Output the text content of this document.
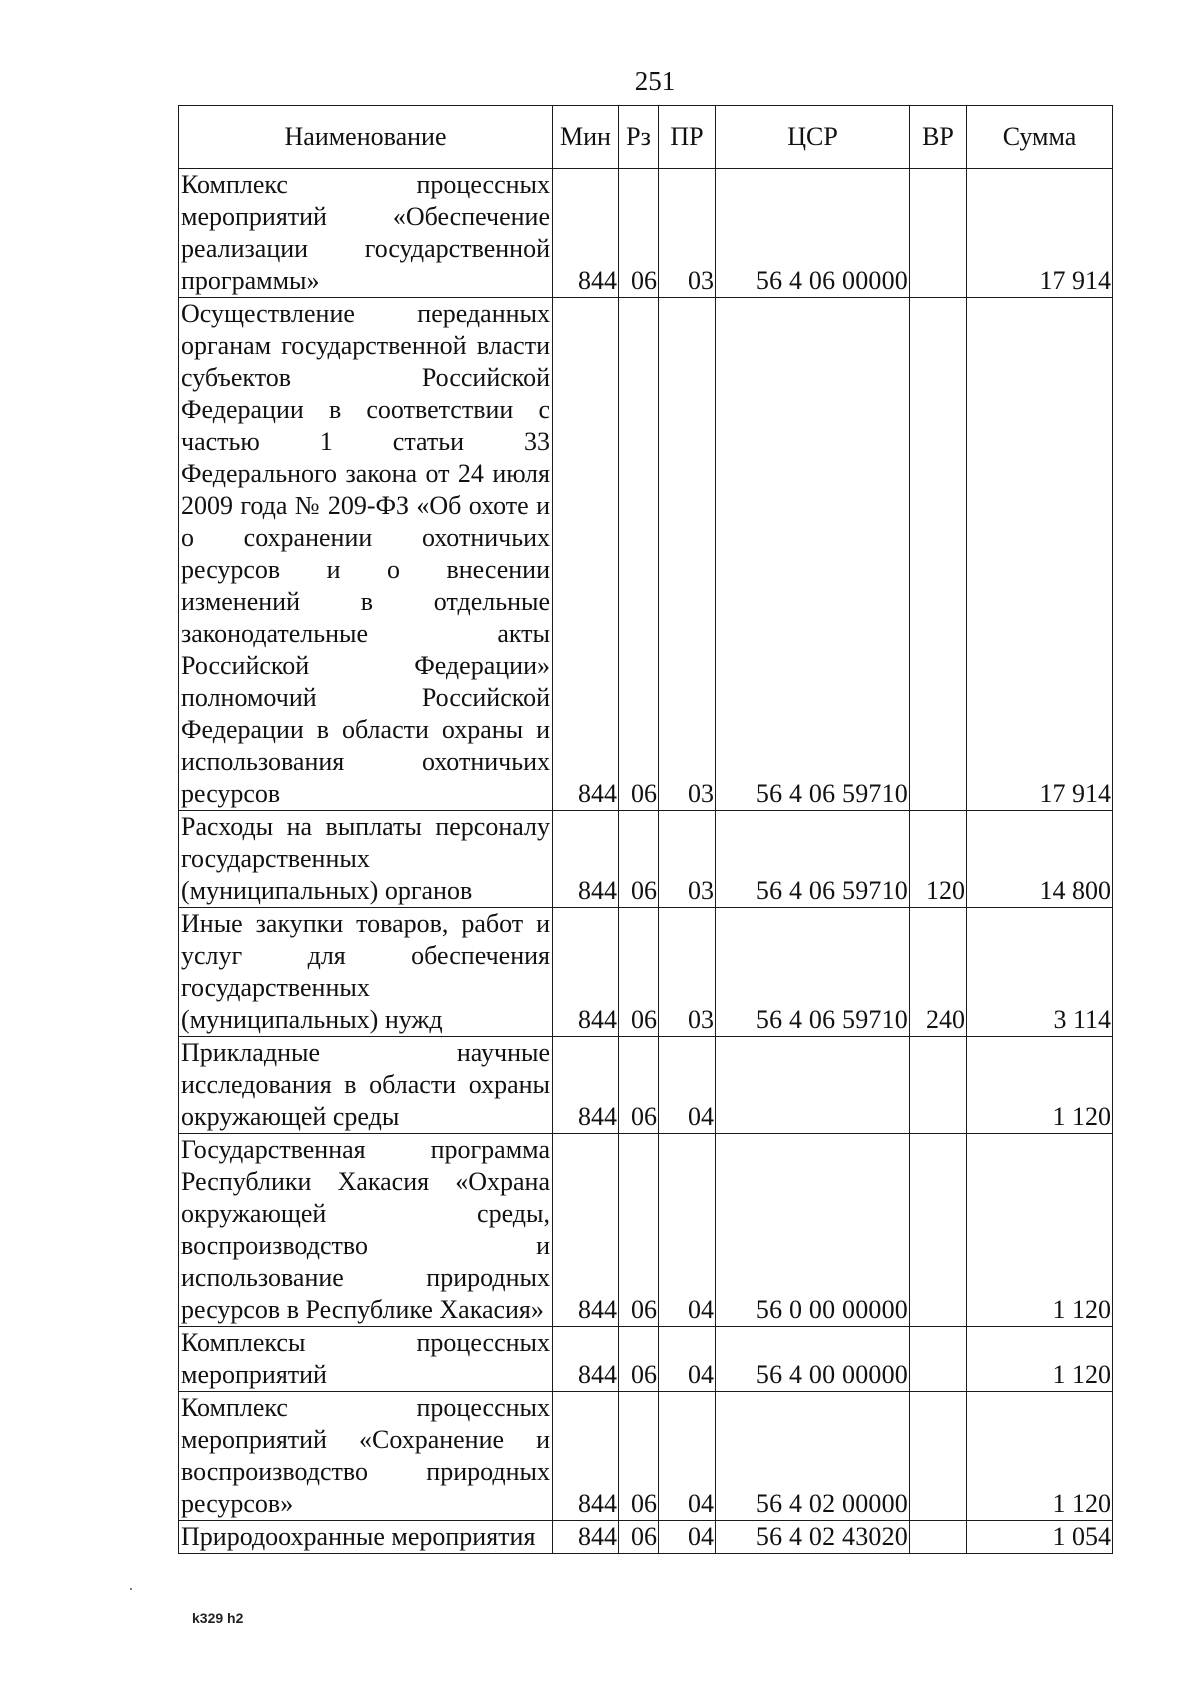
251
Наименование	Мин	Рз	ПР	ЦСР	ВР	Сумма
Комплекс процессных мероприятий «Обеспечение реализации государственной программы»	844	06	03	56 4 06 00000		17 914
Осуществление переданных органам государственной власти субъектов Российской Федерации в соответствии с частью 1 статьи 33 Федерального закона от 24 июля 2009 года № 209-ФЗ «Об охоте и о сохранении охотничьих ресурсов и о внесении изменений в отдельные законодательные акты Российской Федерации» полномочий Российской Федерации в области охраны и использования охотничьих ресурсов	844	06	03	56 4 06 59710		17 914
Расходы на выплаты персоналу государственных (муниципальных) органов	844	06	03	56 4 06 59710	120	14 800
Иные закупки товаров, работ и услуг для обеспечения государственных (муниципальных) нужд	844	06	03	56 4 06 59710	240	3 114
Прикладные научные исследования в области охраны окружающей среды	844	06	04			1 120
Государственная программа Республики Хакасия «Охрана окружающей среды, воспроизводство и использование природных ресурсов в Республике Хакасия»	844	06	04	56 0 00 00000		1 120
Комплексы процессных мероприятий	844	06	04	56 4 00 00000		1 120
Комплекс процессных мероприятий «Сохранение и воспроизводство природных ресурсов»	844	06	04	56 4 02 00000		1 120
Природоохранные мероприятия	844	06	04	56 4 02 43020		1 054
k329 h2
